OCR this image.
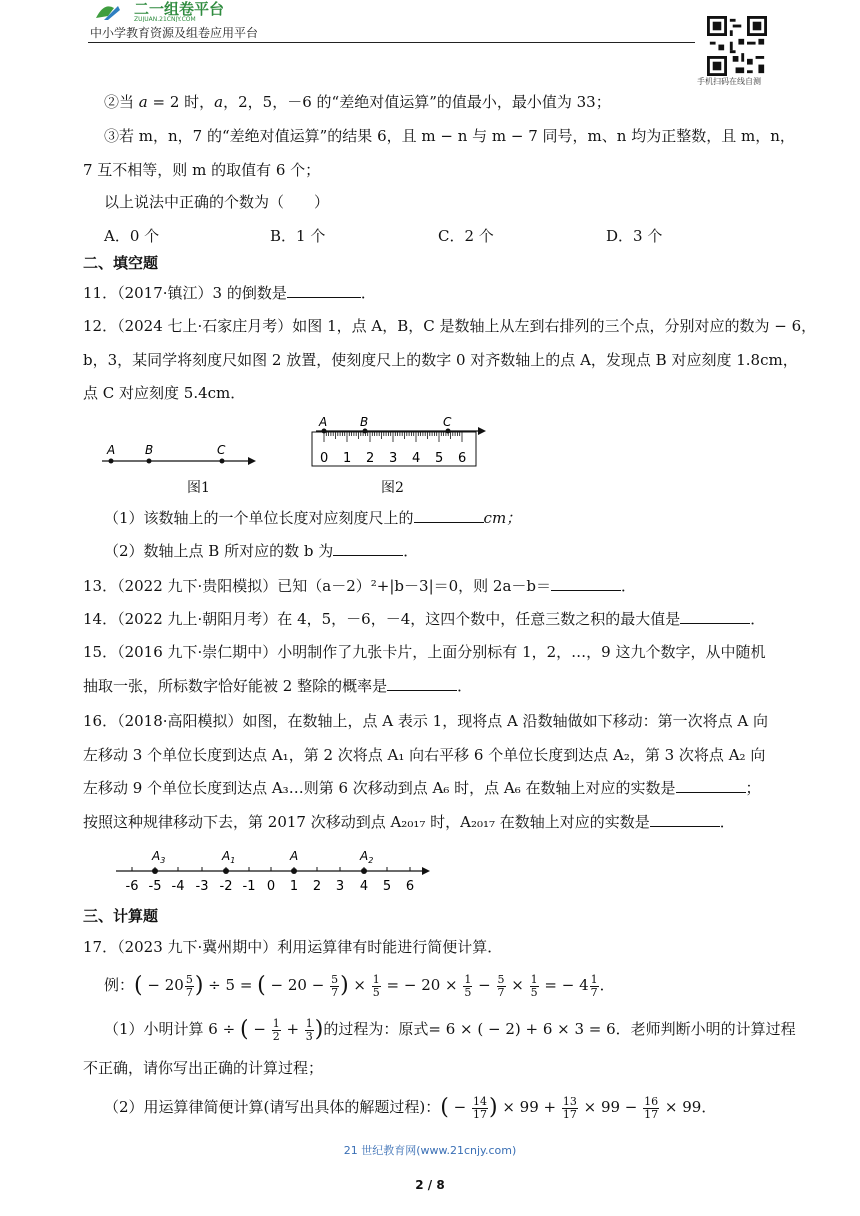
二一组卷平台
ZUJUAN.21CNJY.COM
中小学教育资源及组卷应用平台
手机扫码在线自测
②当 a = 2 时，a，2，5，－6 的“差绝对值运算”的值最小，最小值为 33；
③若 m，n，7 的“差绝对值运算”的结果 6，且 m − n 与 m − 7 同号，m、n 均为正整数，且 m，n，
7 互不相等，则 m 的取值有 6 个；
以上说法中正确的个数为（　　）
A．0 个	B．1 个	C．2 个	D．3 个
二、填空题
11．（2017·镇江）3 的倒数是	．
12．（2024 七上·石家庄月考）如图 1，点 A，B，C 是数轴上从左到右排列的三个点，分别对应的数为 − 6，
b，3，某同学将刻度尺如图 2 放置，使刻度尺上的数字 0 对齐数轴上的点 A，发现点 B 对应刻度 1.8cm，
点 C 对应刻度 5.4cm．
A B	C
图1
A	B	C
0 1 2 3 4 5 6
图2
（1）该数轴上的一个单位长度对应刻度尺上的	cm；
（2）数轴上点 B 所对应的数 b 为	．
13．（2022 九下·贵阳模拟）已知（a－2）²+|b－3|＝0，则 2a－b＝	．
14．（2022 九上·朝阳月考）在 4，5，－6，－4，这四个数中，任意三数之积的最大值是	．
15．（2016 九下·崇仁期中）小明制作了九张卡片，上面分别标有 1，2，…，9 这九个数字，从中随机
抽取一张，所标数字恰好能被 2 整除的概率是	．
16．（2018·高阳模拟）如图，在数轴上，点 A 表示 1，现将点 A 沿数轴做如下移动：第一次将点 A 向
左移动 3 个单位长度到达点 A₁，第 2 次将点 A₁ 向右平移 6 个单位长度到达点 A₂，第 3 次将点 A₂ 向
左移动 9 个单位长度到达点 A₃…则第 6 次移动到点 A₆ 时，点 A₆ 在数轴上对应的实数是	；
按照这种规律移动下去，第 2017 次移动到点 A₂₀₁₇ 时，A₂₀₁₇ 在数轴上对应的实数是	．
-6 -5 -4 -3 -2 -1 0 1 2 3 4 5 6
$A_3$	$A_1$	A	$A_2$
三、计算题
17．（2023 九下·冀州期中）利用运算律有时能进行简便计算．
例：( − $20 \frac{5}{7}$ ) ÷ 5 = ( − $20 - \frac{5}{7}$ ) × $\frac{1}{5}$ = − $20 \times \frac{1}{5} - \frac{5}{7} \times \frac{1}{5}$ = − $4 \frac{1}{7}$ ．
（1）小明计算 6 ÷ ( − $\frac{1}{2} + \frac{1}{3}$ )的过程为：原式= 6 × ( − 2) + 6 × 3 = 6．老师判断小明的计算过程
不正确，请你写出正确的计算过程；
（2）用运算律简便计算(请写出具体的解题过程)：( − $\frac{14}{17}$ ) × $99 + \frac{13}{17} \times 99 - \frac{16}{17} \times 99$．
21 世纪教育网(www.21cnjy.com)
2 / 8
